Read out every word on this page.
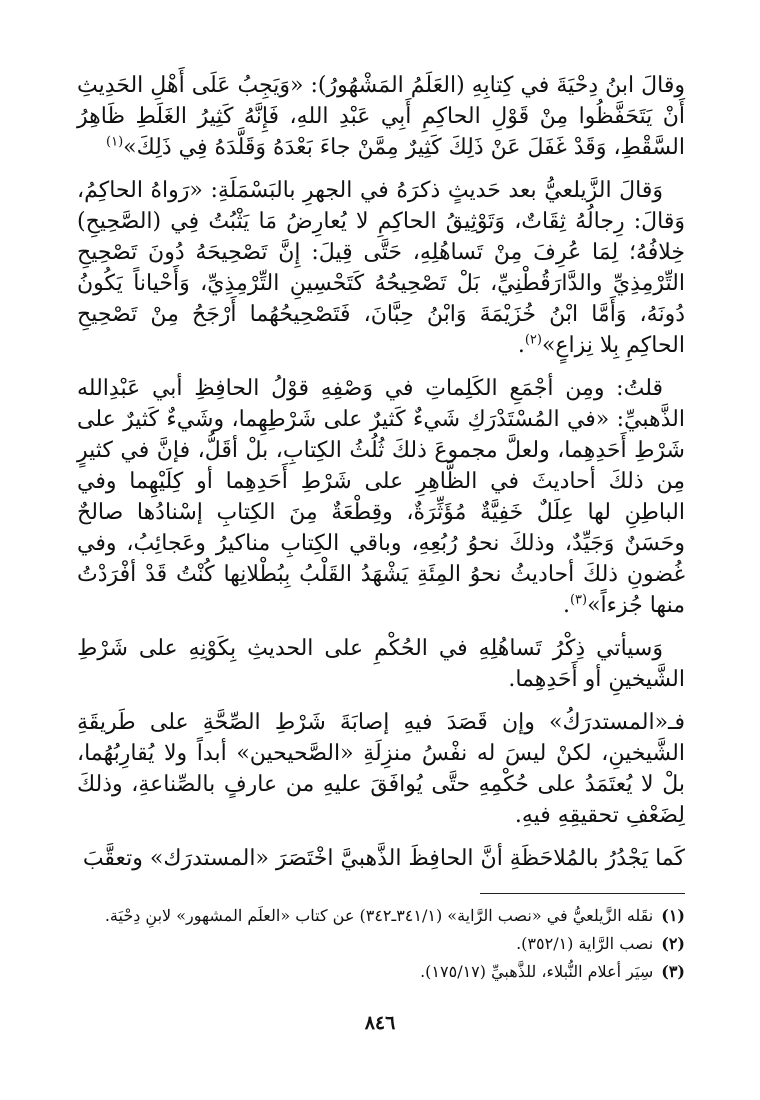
وقالَ ابنُ دِحْيَةَ في كِتابِهِ (العَلَمُ المَشْهُورُ): «وَيَجِبُ عَلَى أَهْلِ الحَدِيثِ أَنْ يَتَحَفَّظُوا مِنْ قَوْلِ الحاكِمِ أَبِي عَبْدِ اللهِ، فَإِنَّهُ كَثِيرُ الغَلَطِ ظَاهِرُ السَّقْطِ، وَقَدْ غَفَلَ عَنْ ذَلِكَ كَثِيرٌ مِمَّنْ جاءَ بَعْدَهُ وَقَلَّدَهُ فِي ذَلِكَ»$^{(١)}$

وَقالَ الزَّيلعيُّ بعد حَديثٍ ذكرَهُ في الجهرِ بالبَسْمَلَةِ: «رَواهُ الحاكِمُ، وَقالَ: رِجالُهُ ثِقَاتٌ، وَتَوْثِيقُ الحاكِمِ لا يُعارِضُ مَا يَثْبُتُ فِي (الصَّحِيحِ) خِلافُهُ؛ لِمَا عُرِفَ مِنْ تَساهُلِهِ، حَتَّى قِيلَ: إِنَّ تَصْحِيحَهُ دُونَ تَصْحِيحِ التِّرْمِذِيِّ والدَّارَقُطْنِيِّ، بَلْ تَصْحِيحُهُ كَتَحْسِينِ التِّرْمِذِيِّ، وَأَحْياناً يَكُونُ دُونَهُ، وَأَمَّا ابْنُ خُزَيْمَةَ وَابْنُ حِبَّانَ، فَتَصْحِيحُهُما أَرْجَحُ مِنْ تَصْحِيحِ الحاكِمِ بِلا نِزاعٍ»$^{(٢)}$.

قلتُ: ومِن أجْمَعِ الكَلِماتِ في وَصْفِهِ قوْلُ الحافِظِ أبي عَبْدِالله الذَّهبيِّ: «في المُسْتَدْرَكِ شَيءٌ كَثيرٌ على شَرْطِهِما، وشَيءٌ كَثيرٌ على شَرْطِ أَحَدِهِما، ولعلَّ مجموعَ ذلكَ ثُلُثُ الكِتابِ، بلْ أقَلُّ، فإنَّ في كثيرٍ مِن ذلكَ أحاديثَ في الظَّاهِرِ على شَرْطِ أَحَدِهِما أو كِلَيْهِما وفي الباطِنِ لها عِلَلٌ خَفِيَّةٌ مُؤَثِّرَةٌ، وقِطْعَةٌ مِنَ الكِتابِ إسْنادُها صالحٌ وحَسَنٌ وَجَيِّدٌ، وذلكَ نحوُ رُبُعِهِ، وباقي الكِتابِ مناكيرُ وعَجائِبُ، وفي غُضونِ ذلكَ أحاديثُ نحوُ المِئَةِ يَشْهَدُ القَلْبُ بِبُطْلانِها كُنْتُ قَدْ أفْرَدْتُ منها جُزءاً»$^{(٣)}$.

وَسيأتي ذِكْرُ تَساهُلِهِ في الحُكْمِ على الحديثِ بِكَوْنِهِ على شَرْطِ الشَّيخينِ أو أَحَدِهِما.

فـ«المستدرَكُ» وإن قَصَدَ فيهِ إصابَةَ شَرْطِ الصِّحَّةِ على طَريقَةِ الشَّيخينِ، لكنْ ليسَ له نفْسُ منزِلَةِ «الصَّحيحين» أبداً ولا يُقارِبُهُما، بلْ لا يُعتَمَدُ على حُكْمِهِ حتَّى يُوافَقَ عليهِ من عارفٍ بالصِّناعةِ، وذلكَ لِضَعْفِ تحقيقِهِ فيهِ.

كَما يَجْدُرُ بالمُلاحَظَةِ أنَّ الحافِظَ الذَّهبيَّ اخْتَصَرَ «المستدرَك» وتعقَّبَ

(١)
نقَله الزَّيلعيُّ في «نصب الرَّاية» (٣٤١/١ـ٣٤٢) عن كتاب «العلَم المشهور» لابنِ دِحْيَة.
(٢)
نصب الرَّاية (٣٥٢/١).
(٣)
سِيَر أعلام النُّبلاء، للذَّهبيِّ (١٧٥/١٧).
٨٤٦
